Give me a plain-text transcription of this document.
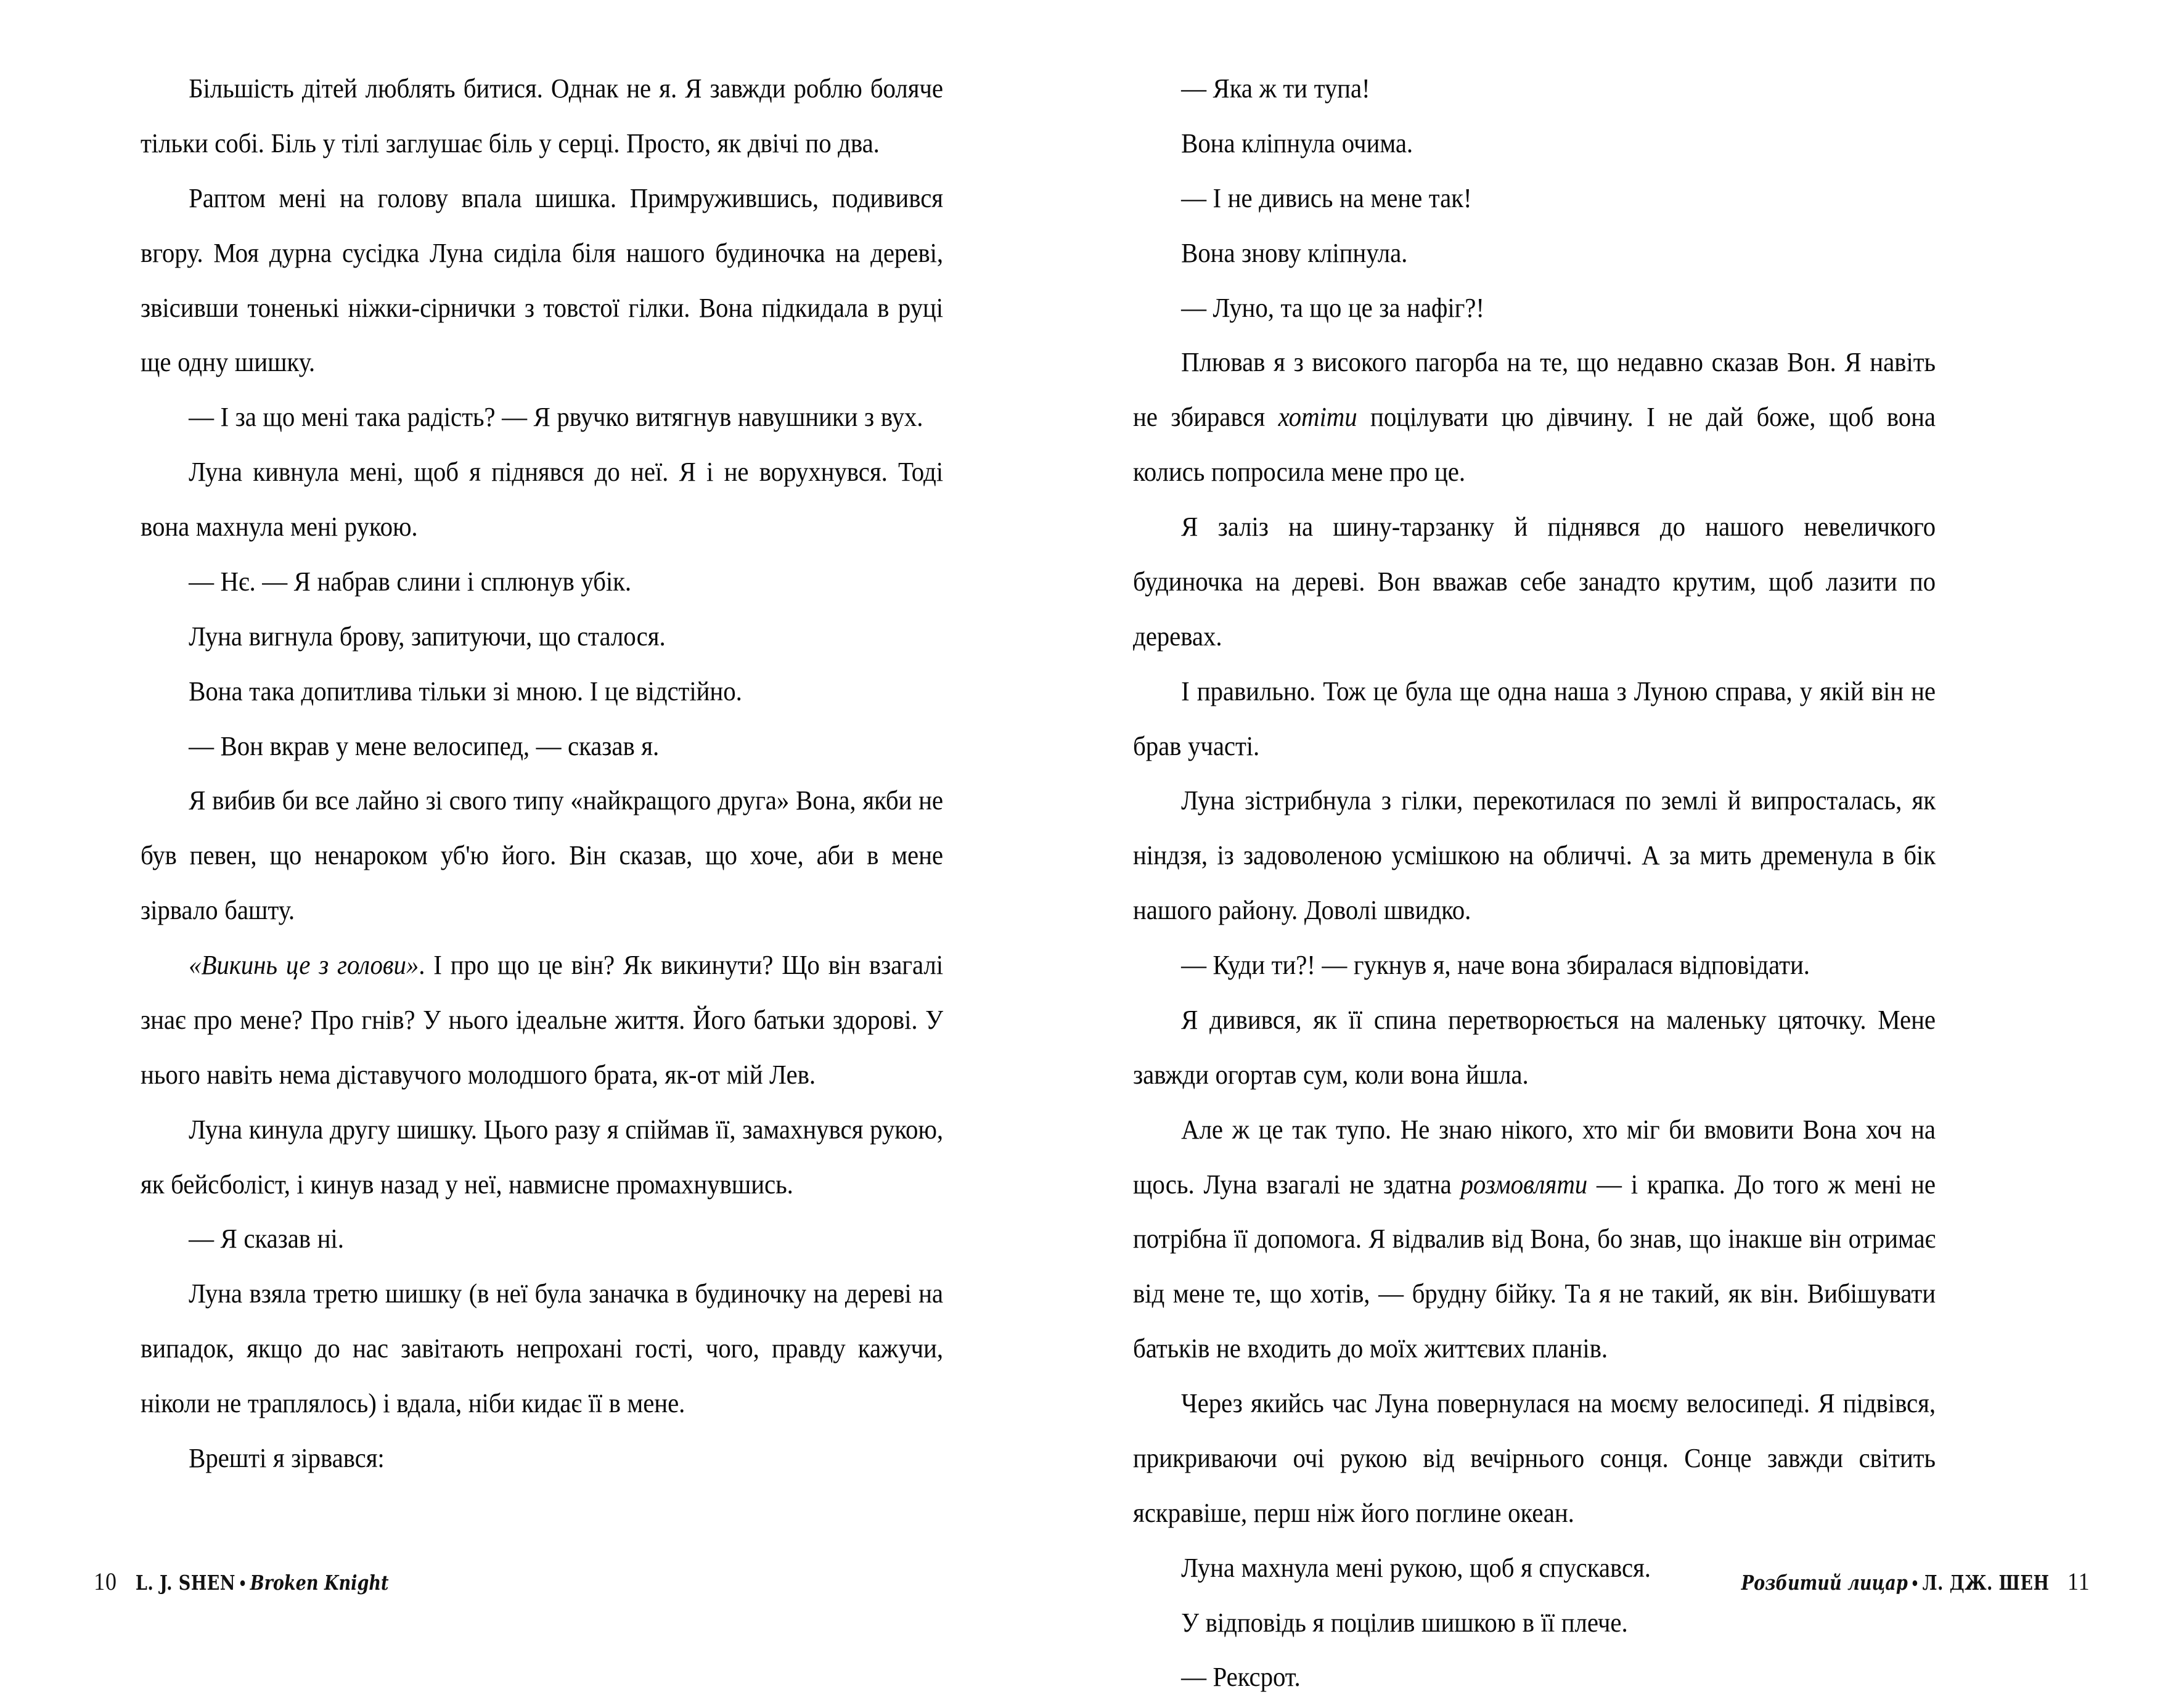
Більшість дітей люблять битися. Однак не я. Я завжди роблю боляче тільки собі. Біль у тілі заглушає біль у серці. Просто, як двічі по два.

Раптом мені на голову впала шишка. Примружившись, подивився вгору. Моя дурна сусідка Луна сиділа біля нашого будиночка на дереві, звісивши тоненькі ніжки-сірнички з товстої гілки. Вона підкидала в руці ще одну шишку.

— І за що мені така радість? — Я рвучко витягнув навушники з вух.

Луна кивнула мені, щоб я піднявся до неї. Я і не ворухнувся. Тоді вона махнула мені рукою.

— Нє. — Я набрав слини і сплюнув убік.

Луна вигнула брову, запитуючи, що сталося.

Вона така допитлива тільки зі мною. І це відстійно.

— Вон вкрав у мене велосипед, — сказав я.

Я вибив би все лайно зі свого типу «найкращого друга» Вона, якби не був певен, що ненароком уб'ю його. Він сказав, що хоче, аби в мене зірвало башту.

«Викинь це з голови». І про що це він? Як викинути? Що він взагалі знає про мене? Про гнів? У нього ідеальне життя. Його батьки здорові. У нього навіть нема діставучого молодшого брата, як-от мій Лев.

Луна кинула другу шишку. Цього разу я спіймав її, замахнувся рукою, як бейсболіст, і кинув назад у неї, навмисне промахнувшись.

— Я сказав ні.

Луна взяла третю шишку (в неї була заначка в будиночку на дереві на випадок, якщо до нас завітають непрохані гості, чого, правду кажучи, ніколи не траплялось) і вдала, ніби кидає її в мене.

Врешті я зірвався:

— Яка ж ти тупа!

Вона кліпнула очима.

— І не дивись на мене так!

Вона знову кліпнула.

— Луно, та що це за нафіг?!

Плював я з високого пагорба на те, що недавно сказав Вон. Я навіть не збирався хотіти поцілувати цю дівчину. І не дай боже, щоб вона колись попросила мене про це.

Я заліз на шину-тарзанку й піднявся до нашого невеличкого будиночка на дереві. Вон вважав себе занадто крутим, щоб лазити по деревах.

І правильно. Тож це була ще одна наша з Луною справа, у якій він не брав участі.

Луна зістрибнула з гілки, перекотилася по землі й випросталась, як ніндзя, із задоволеною усмішкою на обличчі. А за мить дременула в бік нашого району. Доволі швидко.

— Куди ти?! — гукнув я, наче вона збиралася відповідати.

Я дивився, як її спина перетворюється на маленьку цяточку. Мене завжди огортав сум, коли вона йшла.

Але ж це так тупо. Не знаю нікого, хто міг би вмовити Вона хоч на щось. Луна взагалі не здатна розмовляти — і крапка. До того ж мені не потрібна її допомога. Я відвалив від Вона, бо знав, що інакше він отримає від мене те, що хотів, — брудну бійку. Та я не такий, як він. Вибішувати батьків не входить до моїх життєвих планів.

Через якийсь час Луна повернулася на моєму велосипеді. Я підвівся, прикриваючи очі рукою від вечірнього сонця. Сонце завжди світить яскравіше, перш ніж його поглине океан.

Луна махнула мені рукою, щоб я спускався.

У відповідь я поцілив шишкою в її плече.

— Рексрот.

10 L. J. SHEN • Broken Knight	Розбитий лицар • Л. ДЖ. ШЕН 11
